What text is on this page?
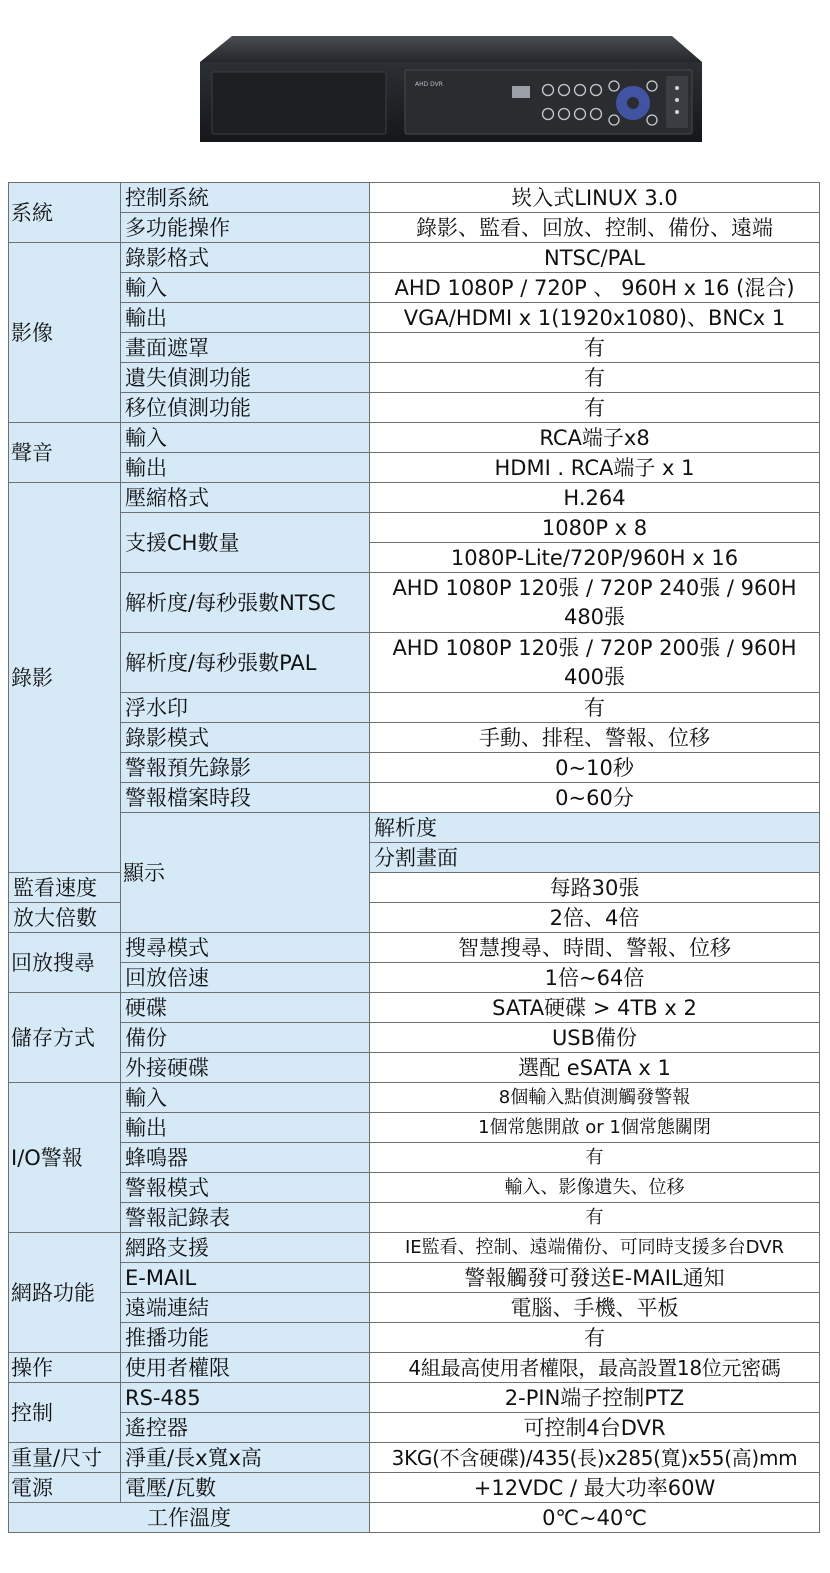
AHD DVR
系統	控制系統	崁入式LINUX 3.0	
	多功能操作	錄影、監看、回放、控制、備份、遠端	
影像	錄影格式	NTSC/PAL	
	輸入	AHD 1080P / 720P 、 960H x 16 (混合)	
	輸出	VGA/HDMI x 1(1920x1080)、BNCx 1	
	畫面遮罩	有	
	遺失偵測功能	有	
	移位偵測功能	有	
聲音	輸入	RCA端子x8	
	輸出	HDMI . RCA端子 x 1	
錄影	壓縮格式	H.264	
	支援CH數量	1080P x 8	
		1080P-Lite/720P/960H x 16	
	解析度/每秒張數NTSC	AHD 1080P 120張 / 720P 240張 / 960H 480張	
	解析度/每秒張數PAL	AHD 1080P 120張 / 720P 200張 / 960H 400張	
	浮水印	有	
	錄影模式	手動、排程、警報、位移	
	警報預先錄影	0~10秒	
	警報檔案時段	0~60分	
	顯示	解析度	
		分割畫面	
監看速度		每路30張	
放大倍數		2倍、4倍	
回放搜尋	搜尋模式	智慧搜尋、時間、警報、位移	
	回放倍速	1倍~64倍	
儲存方式	硬碟	SATA硬碟 > 4TB x 2	
	備份	USB備份	
	外接硬碟	選配 eSATA x 1	
I/O警報	輸入	8個輸入點偵測觸發警報	
	輸出	1個常態開啟 or 1個常態關閉	
	蜂鳴器	有	
	警報模式	輸入、影像遺失、位移	
	警報記錄表	有	
網路功能	網路支援	IE監看、控制、遠端備份、可同時支援多台DVR	
	E-MAIL	警報觸發可發送E-MAIL通知	
	遠端連結	電腦、手機、平板	
	推播功能	有	
操作	使用者權限	4組最高使用者權限，最高設置18位元密碼	
控制	RS-485	2-PIN端子控制PTZ	
	遙控器	可控制4台DVR	
重量/尺寸	淨重/長x寬x高	3KG(不含硬碟)/435(長)x285(寬)x55(高)mm	
電源	電壓/瓦數	+12VDC / 最大功率60W	
工作溫度		0℃~40℃	
